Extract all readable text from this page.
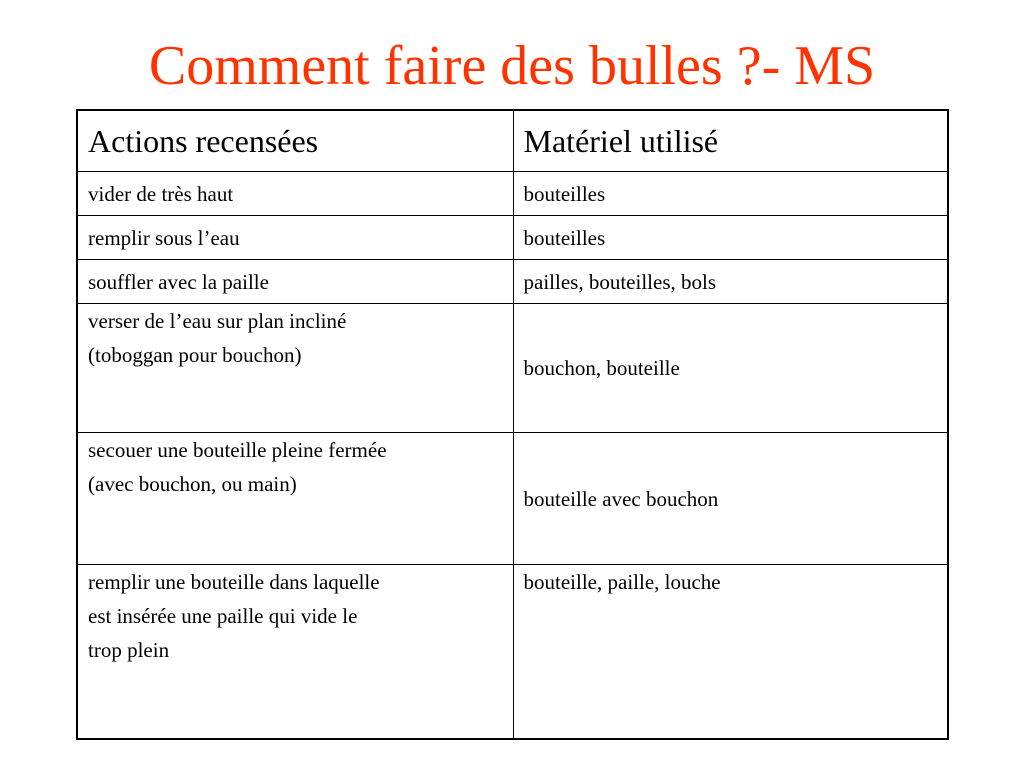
Comment faire des bulles ?- MS
Actions recensées	Matériel utilisé
vider de très haut	bouteilles
remplir sous l’eau	bouteilles
souffler avec la paille	pailles, bouteilles, bols

verser de l’eau sur plan incliné
(toboggan pour bouchon)	bouchon, bouteille

secouer une bouteille pleine fermée
(avec bouchon, ou main)	bouteille avec bouchon

remplir une bouteille dans laquelle
est insérée une paille qui vide le
trop plein	bouteille, paille, louche
